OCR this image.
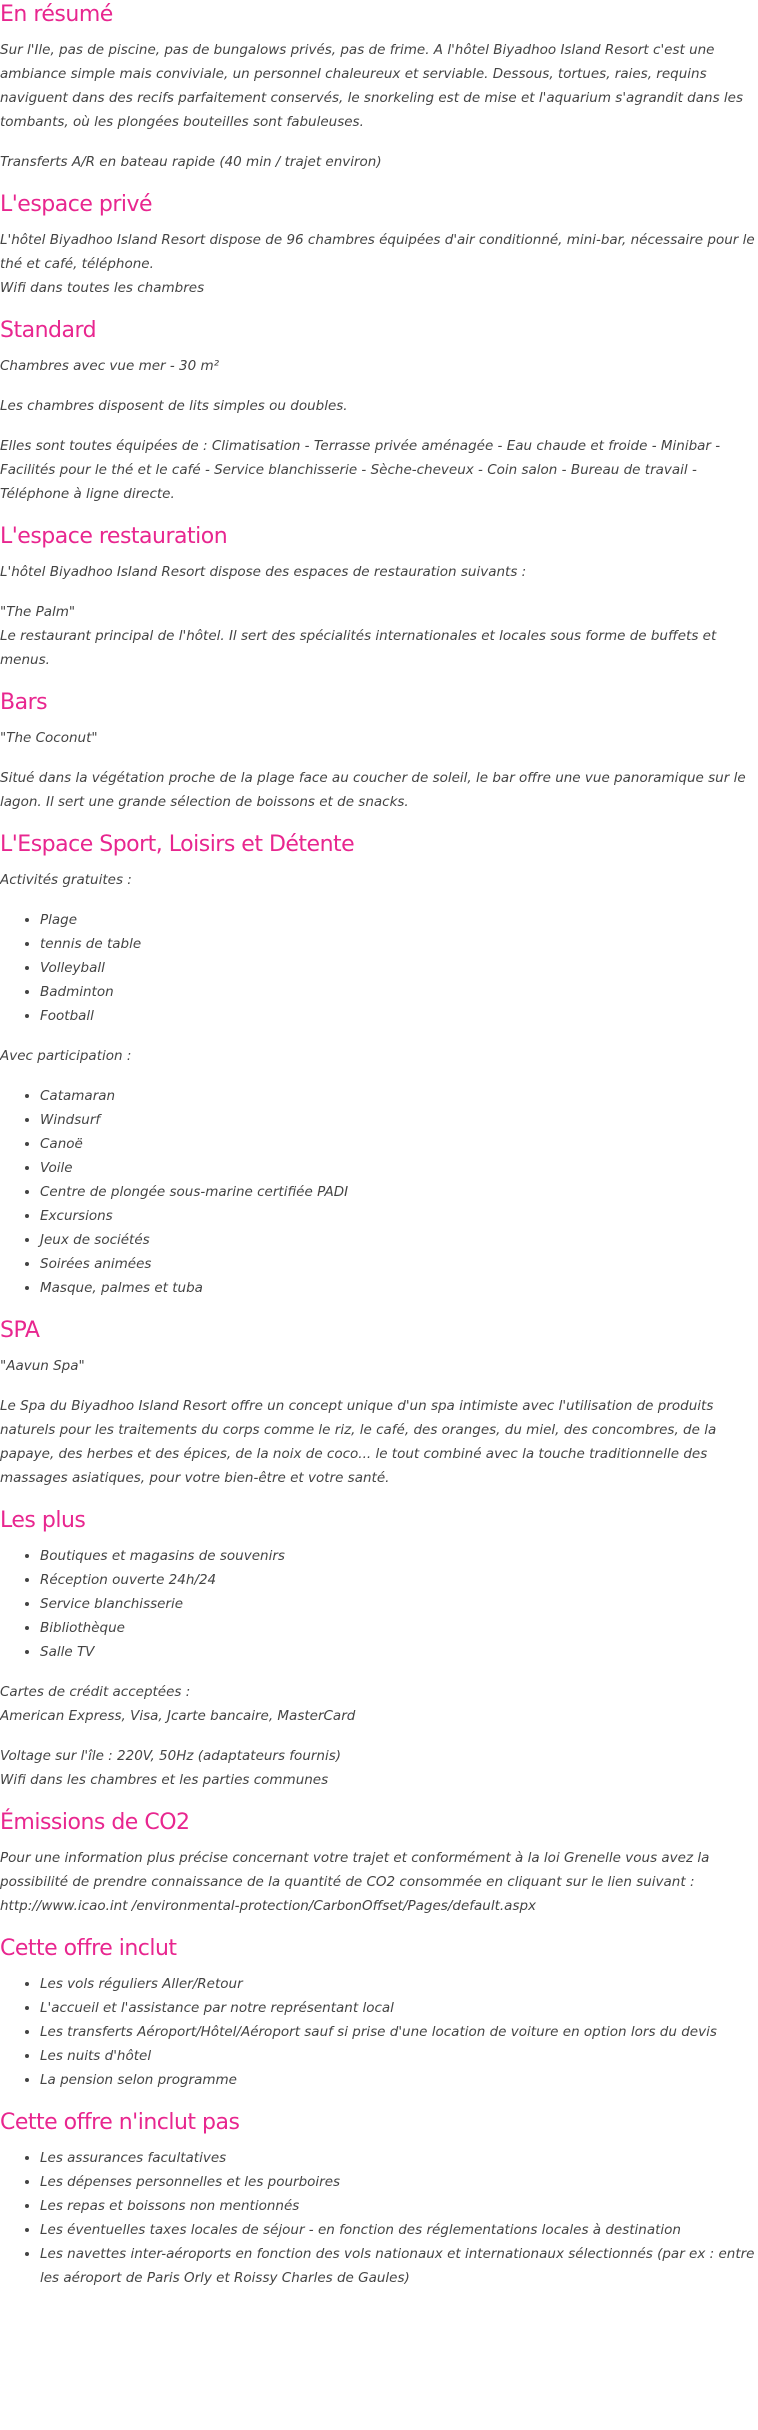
En résumé

Sur l'Ile, pas de piscine, pas de bungalows privés, pas de frime. A l'hôtel Biyadhoo Island Resort c'est une ambiance simple mais conviviale, un personnel chaleureux et serviable. Dessous, tortues, raies, requins naviguent dans des recifs parfaitement conservés, le snorkeling est de mise et l'aquarium s'agrandit dans les tombants, où les plongées bouteilles sont fabuleuses.

Transferts A/R en bateau rapide (40 min / trajet environ)

L'espace privé

L'hôtel Biyadhoo Island Resort dispose de 96 chambres équipées d'air conditionné, mini-bar, nécessaire pour le thé et café, téléphone.
Wifi dans toutes les chambres

Standard

Chambres avec vue mer - 30 m²

Les chambres disposent de lits simples ou doubles.

Elles sont toutes équipées de : Climatisation - Terrasse privée aménagée - Eau chaude et froide - Minibar - Facilités pour le thé et le café - Service blanchisserie - Sèche-cheveux - Coin salon - Bureau de travail - Téléphone à ligne directe.

L'espace restauration

L'hôtel Biyadhoo Island Resort dispose des espaces de restauration suivants :

"The Palm"
Le restaurant principal de l'hôtel. Il sert des spécialités internationales et locales sous forme de buffets et menus.

Bars

"The Coconut"

Situé dans la végétation proche de la plage face au coucher de soleil, le bar offre une vue panoramique sur le lagon. Il sert une grande sélection de boissons et de snacks.

L'Espace Sport, Loisirs et Détente

Activités gratuites :

• Plage
• tennis de table
• Volleyball
• Badminton
• Football

Avec participation :

• Catamaran
• Windsurf
• Canoë
• Voile
• Centre de plongée sous-marine certifiée PADI
• Excursions
• Jeux de sociétés
• Soirées animées
• Masque, palmes et tuba
SPA

"Aavun Spa"

Le Spa du Biyadhoo Island Resort offre un concept unique d'un spa intimiste avec l'utilisation de produits naturels pour les traitements du corps comme le riz, le café, des oranges, du miel, des concombres, de la papaye, des herbes et des épices, de la noix de coco... le tout combiné avec la touche traditionnelle des massages asiatiques, pour votre bien-être et votre santé.

Les plus
• Boutiques et magasins de souvenirs
• Réception ouverte 24h/24
• Service blanchisserie
• Bibliothèque
• Salle TV

Cartes de crédit acceptées :
American Express, Visa, Jcarte bancaire, MasterCard

Voltage sur l'île : 220V, 50Hz (adaptateurs fournis)
Wifi dans les chambres et les parties communes

Émissions de CO2

Pour une information plus précise concernant votre trajet et conformément à la loi Grenelle vous avez la possibilité de prendre connaissance de la quantité de CO2 consommée en cliquant sur le lien suivant : http://www.icao.int /environmental-protection/CarbonOffset/Pages/default.aspx

Cette offre inclut
• Les vols réguliers Aller/Retour
• L'accueil et l'assistance par notre représentant local
• Les transferts Aéroport/Hôtel/Aéroport sauf si prise d'une location de voiture en option lors du devis
• Les nuits d'hôtel
• La pension selon programme
Cette offre n'inclut pas
• Les assurances facultatives
• Les dépenses personnelles et les pourboires
• Les repas et boissons non mentionnés
• Les éventuelles taxes locales de séjour - en fonction des réglementations locales à destination
• Les navettes inter-aéroports en fonction des vols nationaux et internationaux sélectionnés (par ex : entre les aéroport de Paris Orly et Roissy Charles de Gaules)
